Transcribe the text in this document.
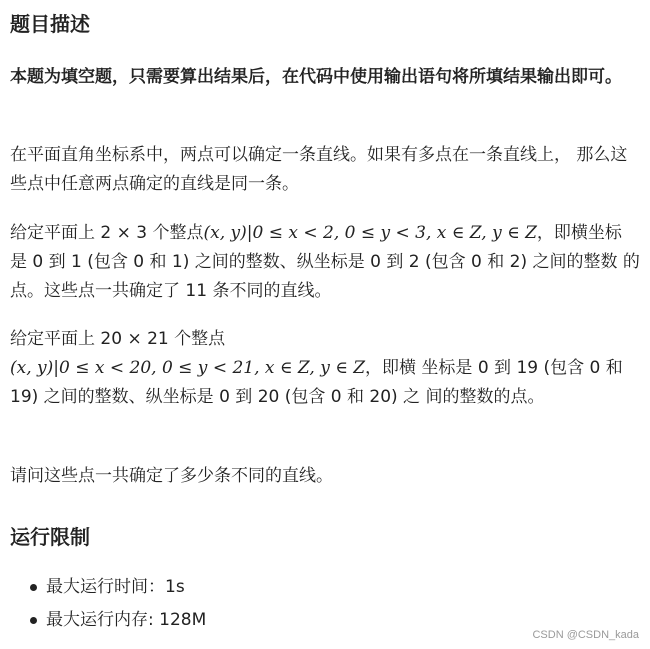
题目描述

本题为填空题，只需要算出结果后，在代码中使用输出语句将所填结果输出即可。

在平面直角坐标系中，两点可以确定一条直线。如果有多点在一条直线上， 那么这些点中任意两点确定的直线是同一条。

给定平面上 2 × 3 个整点(x, y)|0 ≤ x < 2, 0 ≤ y < 3, x ∈ Z, y ∈ Z，即横坐标 是 0 到 1 (包含 0 和 1) 之间的整数、纵坐标是 0 到 2 (包含 0 和 2) 之间的整数 的点。这些点一共确定了 11 条不同的直线。

给定平面上 20 × 21 个整点
(x, y)|0 ≤ x < 20, 0 ≤ y < 21, x ∈ Z, y ∈ Z，即横 坐标是 0 到 19 (包含 0 和 19) 之间的整数、纵坐标是 0 到 20 (包含 0 和 20) 之 间的整数的点。

请问这些点一共确定了多少条不同的直线。

运行限制
最大运行时间：1s
最大运行内存: 128M
CSDN @CSDN_kada
